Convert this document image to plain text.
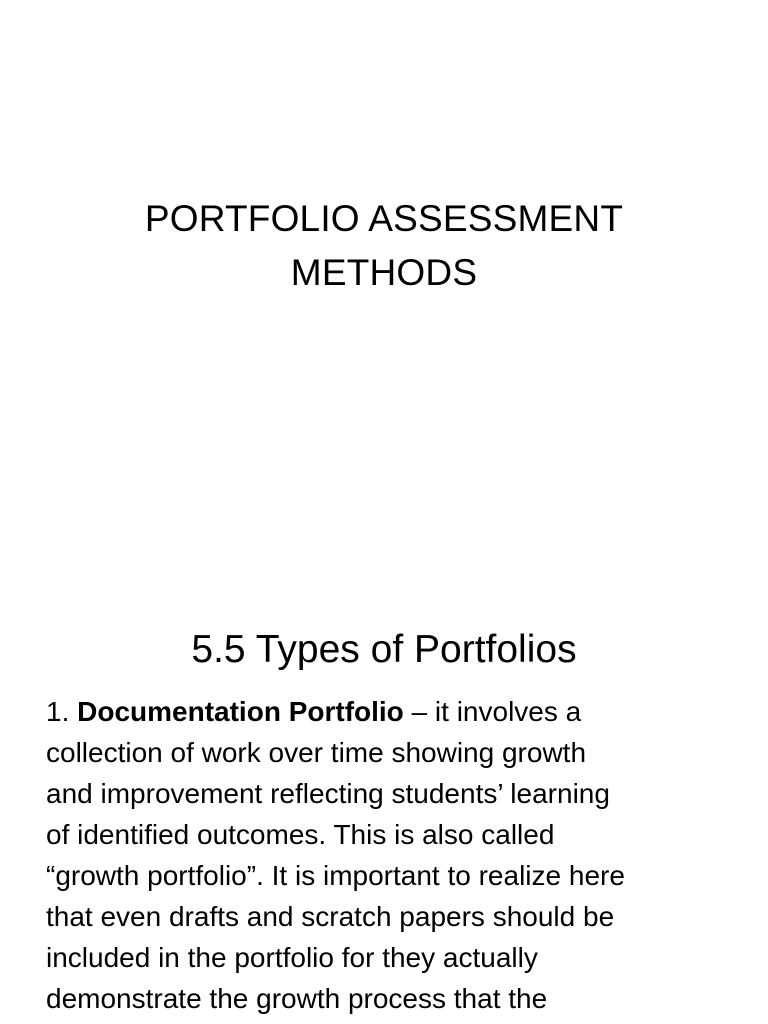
PORTFOLIO ASSESSMENT
METHODS
5.5 Types of Portfolios

1. Documentation Portfolio – it involves a
collection of work over time showing growth
and improvement reflecting students’ learning
of identified outcomes. This is also called
“growth portfolio”. It is important to realize here
that even drafts and scratch papers should be
included in the portfolio for they actually
demonstrate the growth process that the
